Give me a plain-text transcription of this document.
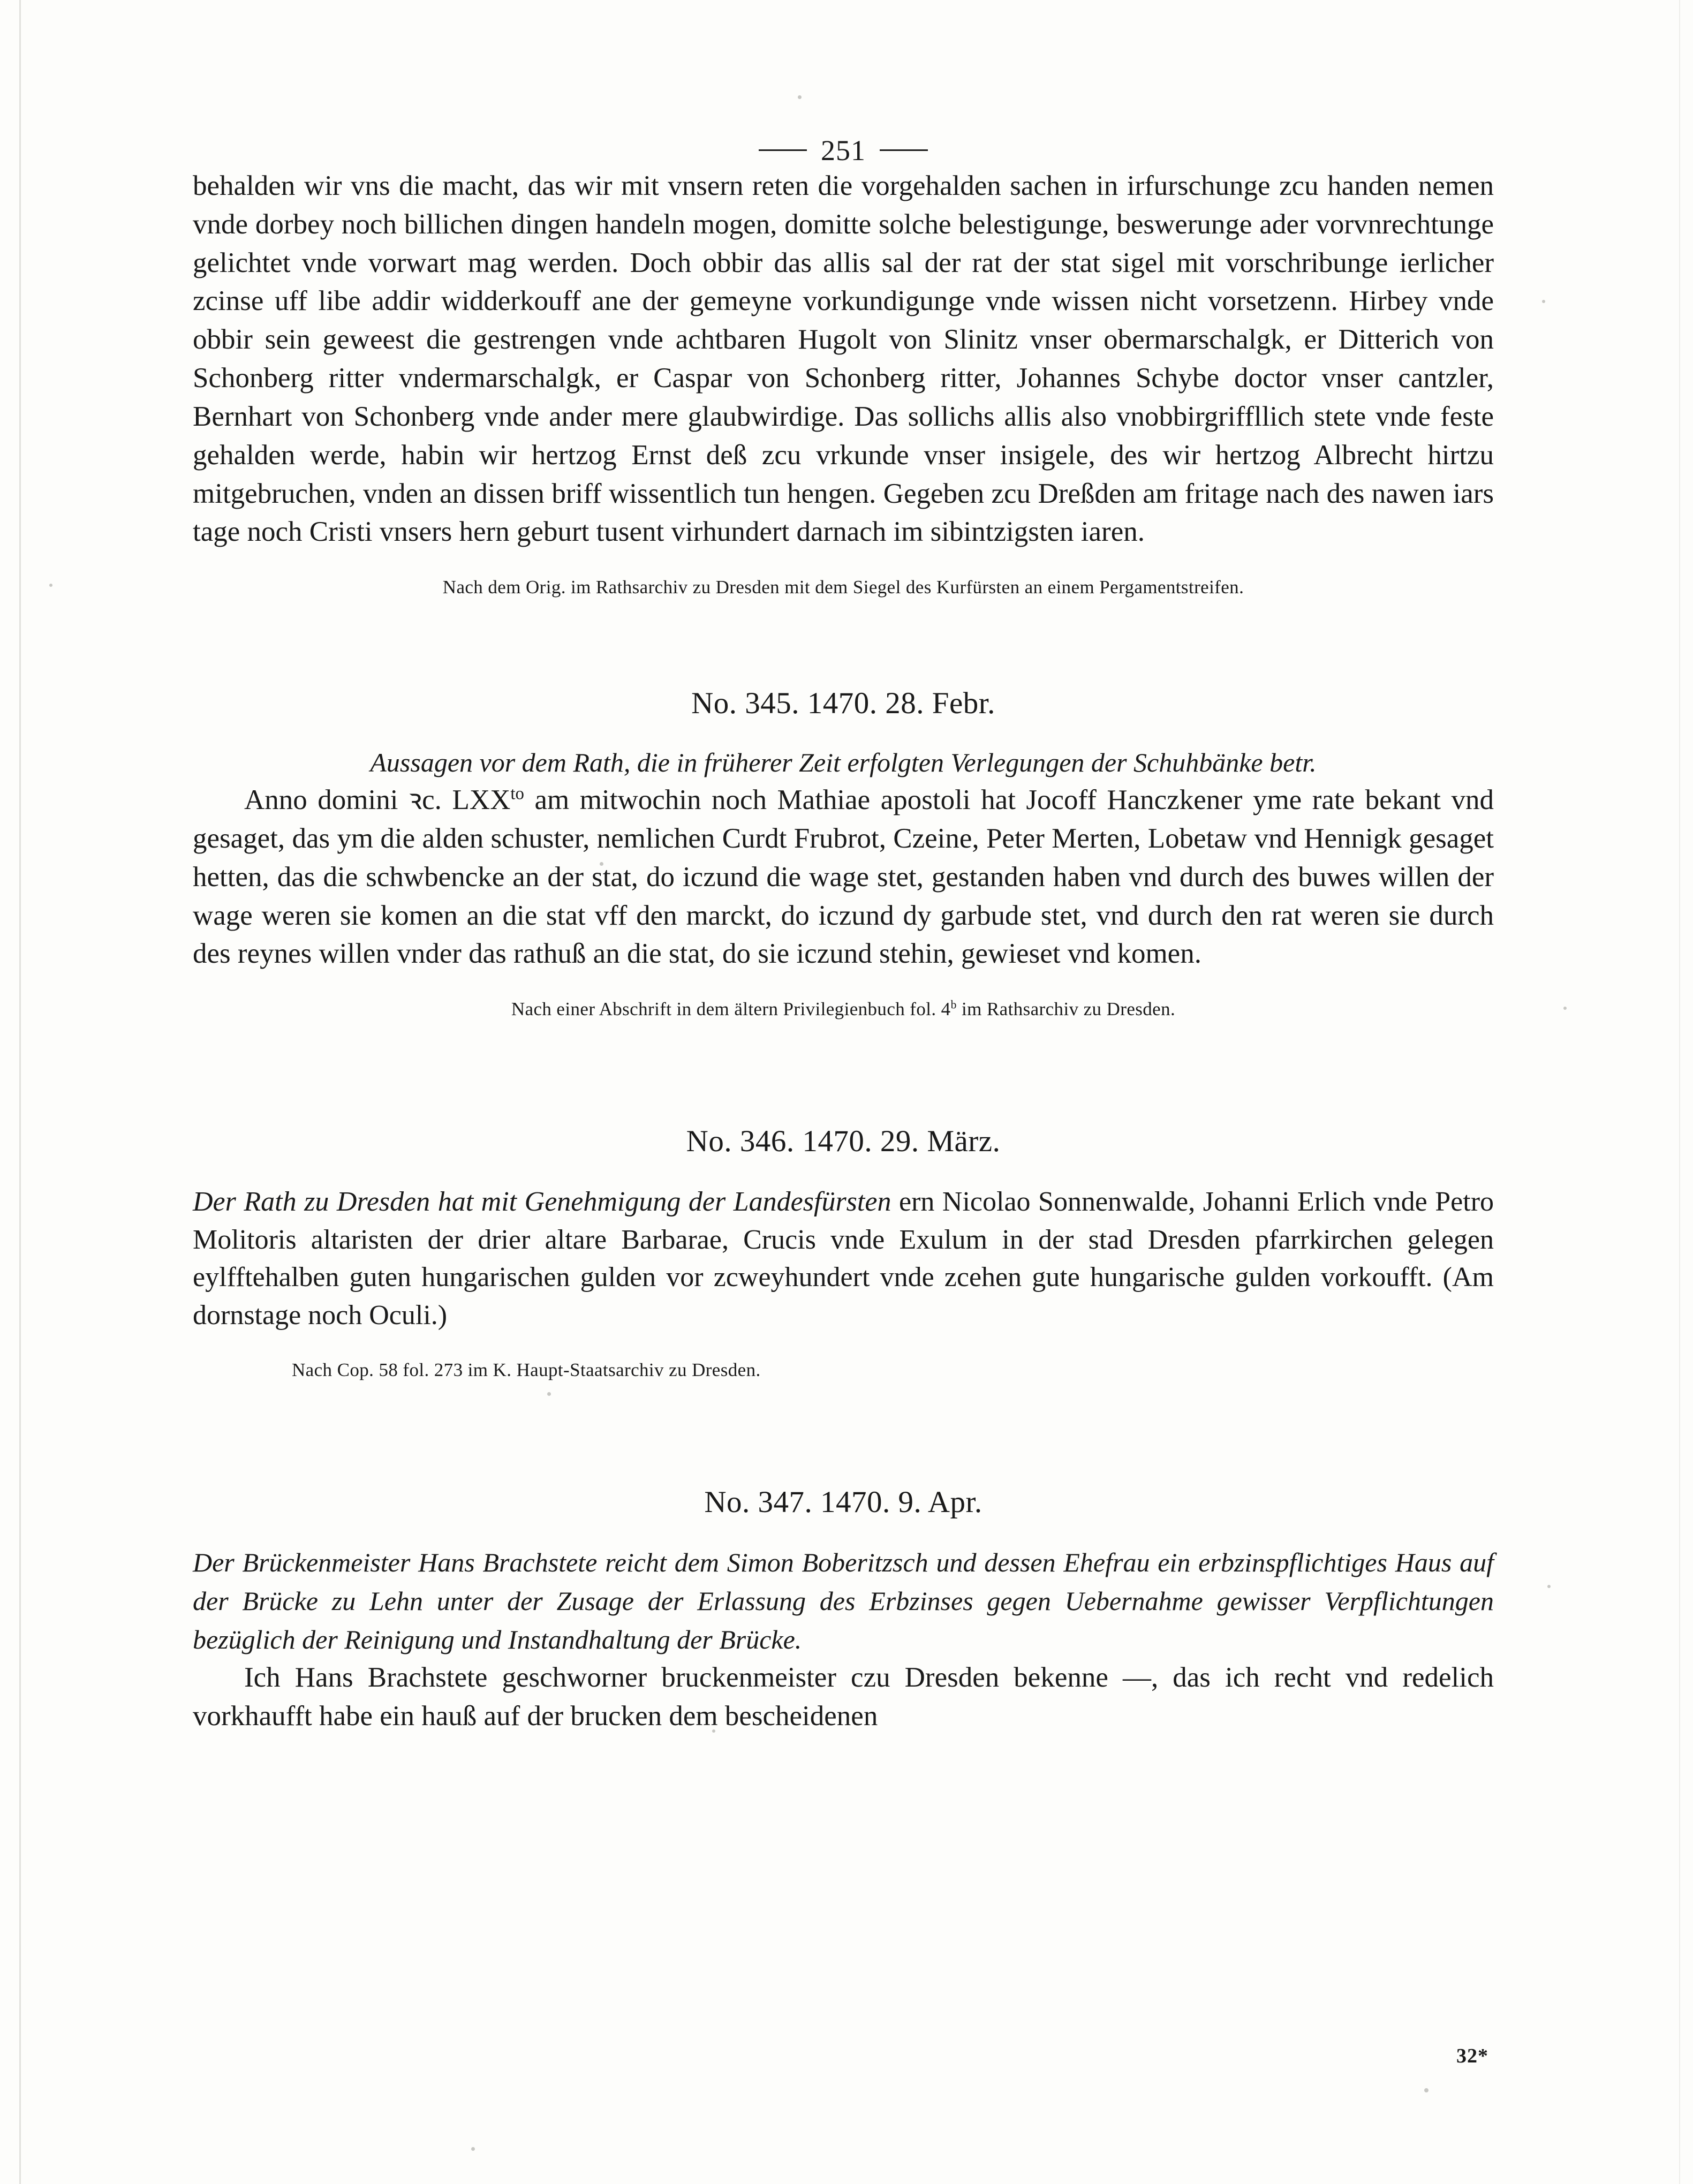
251

behalden wir vns die macht, das wir mit vnsern reten die vorgehalden sachen in irfurschunge zcu handen nemen vnde dorbey noch billichen dingen handeln mogen, domitte solche belestigunge, beswerunge ader vorvnrechtunge gelichtet vnde vorwart mag werden. Doch obbir das allis sal der rat der stat sigel mit vorschribunge ierlicher zcinse uff libe addir widderkouff ane der gemeyne vorkundigunge vnde wissen nicht vorsetzenn. Hirbey vnde obbir sein geweest die gestrengen vnde achtbaren Hugolt von Slinitz vnser obermarschalgk, er Ditterich von Schonberg ritter vndermarschalgk, er Caspar von Schonberg ritter, Johannes Schybe doctor vnser cantzler, Bernhart von Schonberg vnde ander mere glaubwirdige. Das sollichs allis also vnobbirgriffllich stete vnde feste gehalden werde, habin wir hertzog Ernst deß zcu vrkunde vnser insigele, des wir hertzog Albrecht hirtzu mitgebruchen, vnden an dissen briff wissentlich tun hengen. Gegeben zcu Dreßden am fritage nach des nawen iars tage noch Cristi vnsers hern geburt tusent virhundert darnach im sibintzigsten iaren.

Nach dem Orig. im Rathsarchiv zu Dresden mit dem Siegel des Kurfürsten an einem Pergamentstreifen.

No. 345. 1470. 28. Febr.

Aussagen vor dem Rath, die in früherer Zeit erfolgten Verlegungen der Schuhbänke betr.

Anno domini ꝛc. $LXX^{to}$ am mitwochin noch Mathiae apostoli hat Jocoff Hanczkener yme rate bekant vnd gesaget, das ym die alden schuster, nemlichen Curdt Frubrot, Czeine, Peter Merten, Lobetaw vnd Hennigk gesaget hetten, das die schwbencke an der stat, do iczund die wage stet, gestanden haben vnd durch des buwes willen der wage weren sie komen an die stat vff den marckt, do iczund dy garbude stet, vnd durch den rat weren sie durch des reynes willen vnder das rathuß an die stat, do sie iczund stehin, gewieset vnd komen.

Nach einer Abschrift in dem ältern Privilegienbuch fol. 4$^b$ im Rathsarchiv zu Dresden.

No. 346. 1470. 29. März.

Der Rath zu Dresden hat mit Genehmigung der Landesfürsten ern Nicolao Sonnenwalde, Johanni Erlich vnde Petro Molitoris altaristen der drier altare Barbarae, Crucis vnde Exulum in der stad Dresden pfarrkirchen gelegen eylfftehalben guten hungarischen gulden vor zcweyhundert vnde zcehen gute hungarische gulden vorkoufft. (Am dornstage noch Oculi.)

Nach Cop. 58 fol. 273 im K. Haupt-Staatsarchiv zu Dresden.

No. 347. 1470. 9. Apr.

Der Brückenmeister Hans Brachstete reicht dem Simon Boberitzsch und dessen Ehefrau ein erbzinspflichtiges Haus auf der Brücke zu Lehn unter der Zusage der Erlassung des Erbzinses gegen Uebernahme gewisser Verpflichtungen bezüglich der Reinigung und Instandhaltung der Brücke.

Ich Hans Brachstete geschworner bruckenmeister czu Dresden bekenne —, das ich recht vnd redelich vorkhaufft habe ein hauß auf der brucken dem bescheidenen

32*
